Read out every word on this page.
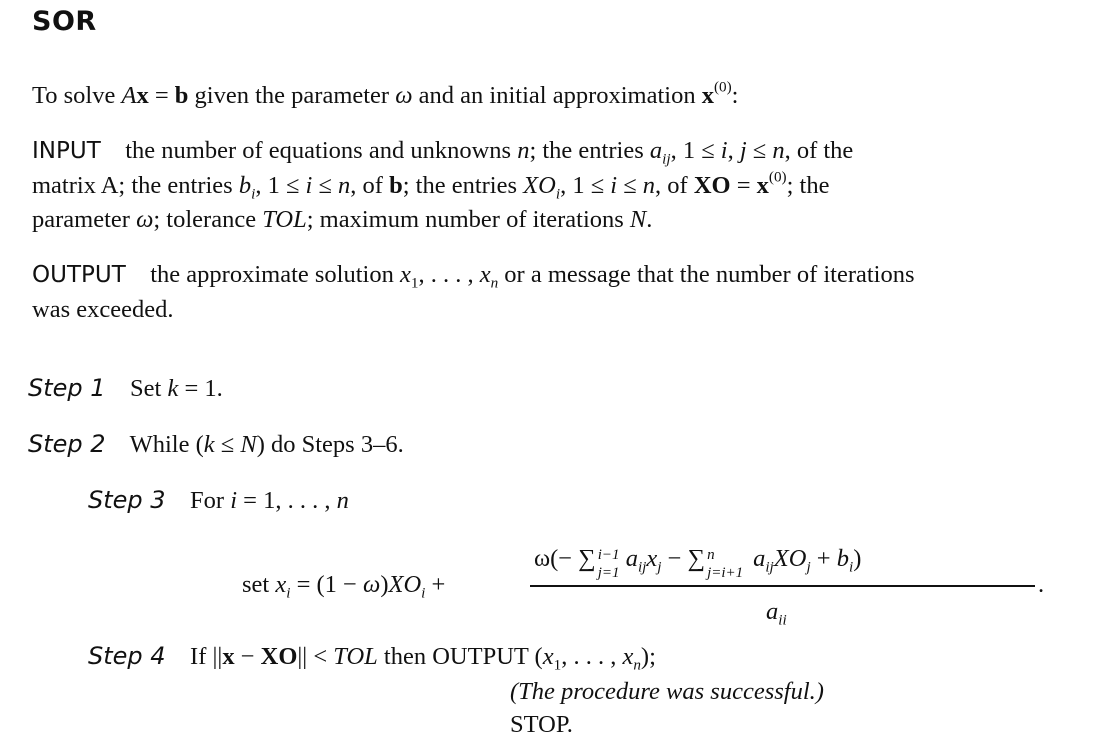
SOR
To solve Ax = b given the parameter ω and an initial approximation $x^{(0)}$:
INPUT the number of equations and unknowns n; the entries $a_{ij}$, 1 ≤ i, j ≤ n, of the
matrix A; the entries $b_i$, 1 ≤ i ≤ n, of b; the entries $XO_i$, 1 ≤ i ≤ n, of XO = $x^{(0)}$; the
parameter ω; tolerance TOL; maximum number of iterations N.
OUTPUT the approximate solution $x_1$, . . . , $x_n$ or a message that the number of iterations
was exceeded.
Step 1 Set k = 1.
Step 2 While (k ≤ N) do Steps 3–6.
Step 3 For i = 1, . . . , n
set $x_i = (1 - \omega)XO_i$ +
ω(− ∑ i−1
j=1
$a_{ij}x_j$ − ∑ n
j=i+1
$a_{ij}XO_j + b_i$)
.
$a_{ii}$
Step 4 If ||x − XO|| < TOL then OUTPUT ($x_1$, . . . , $x_n$);
(The procedure was successful.)
STOP.
